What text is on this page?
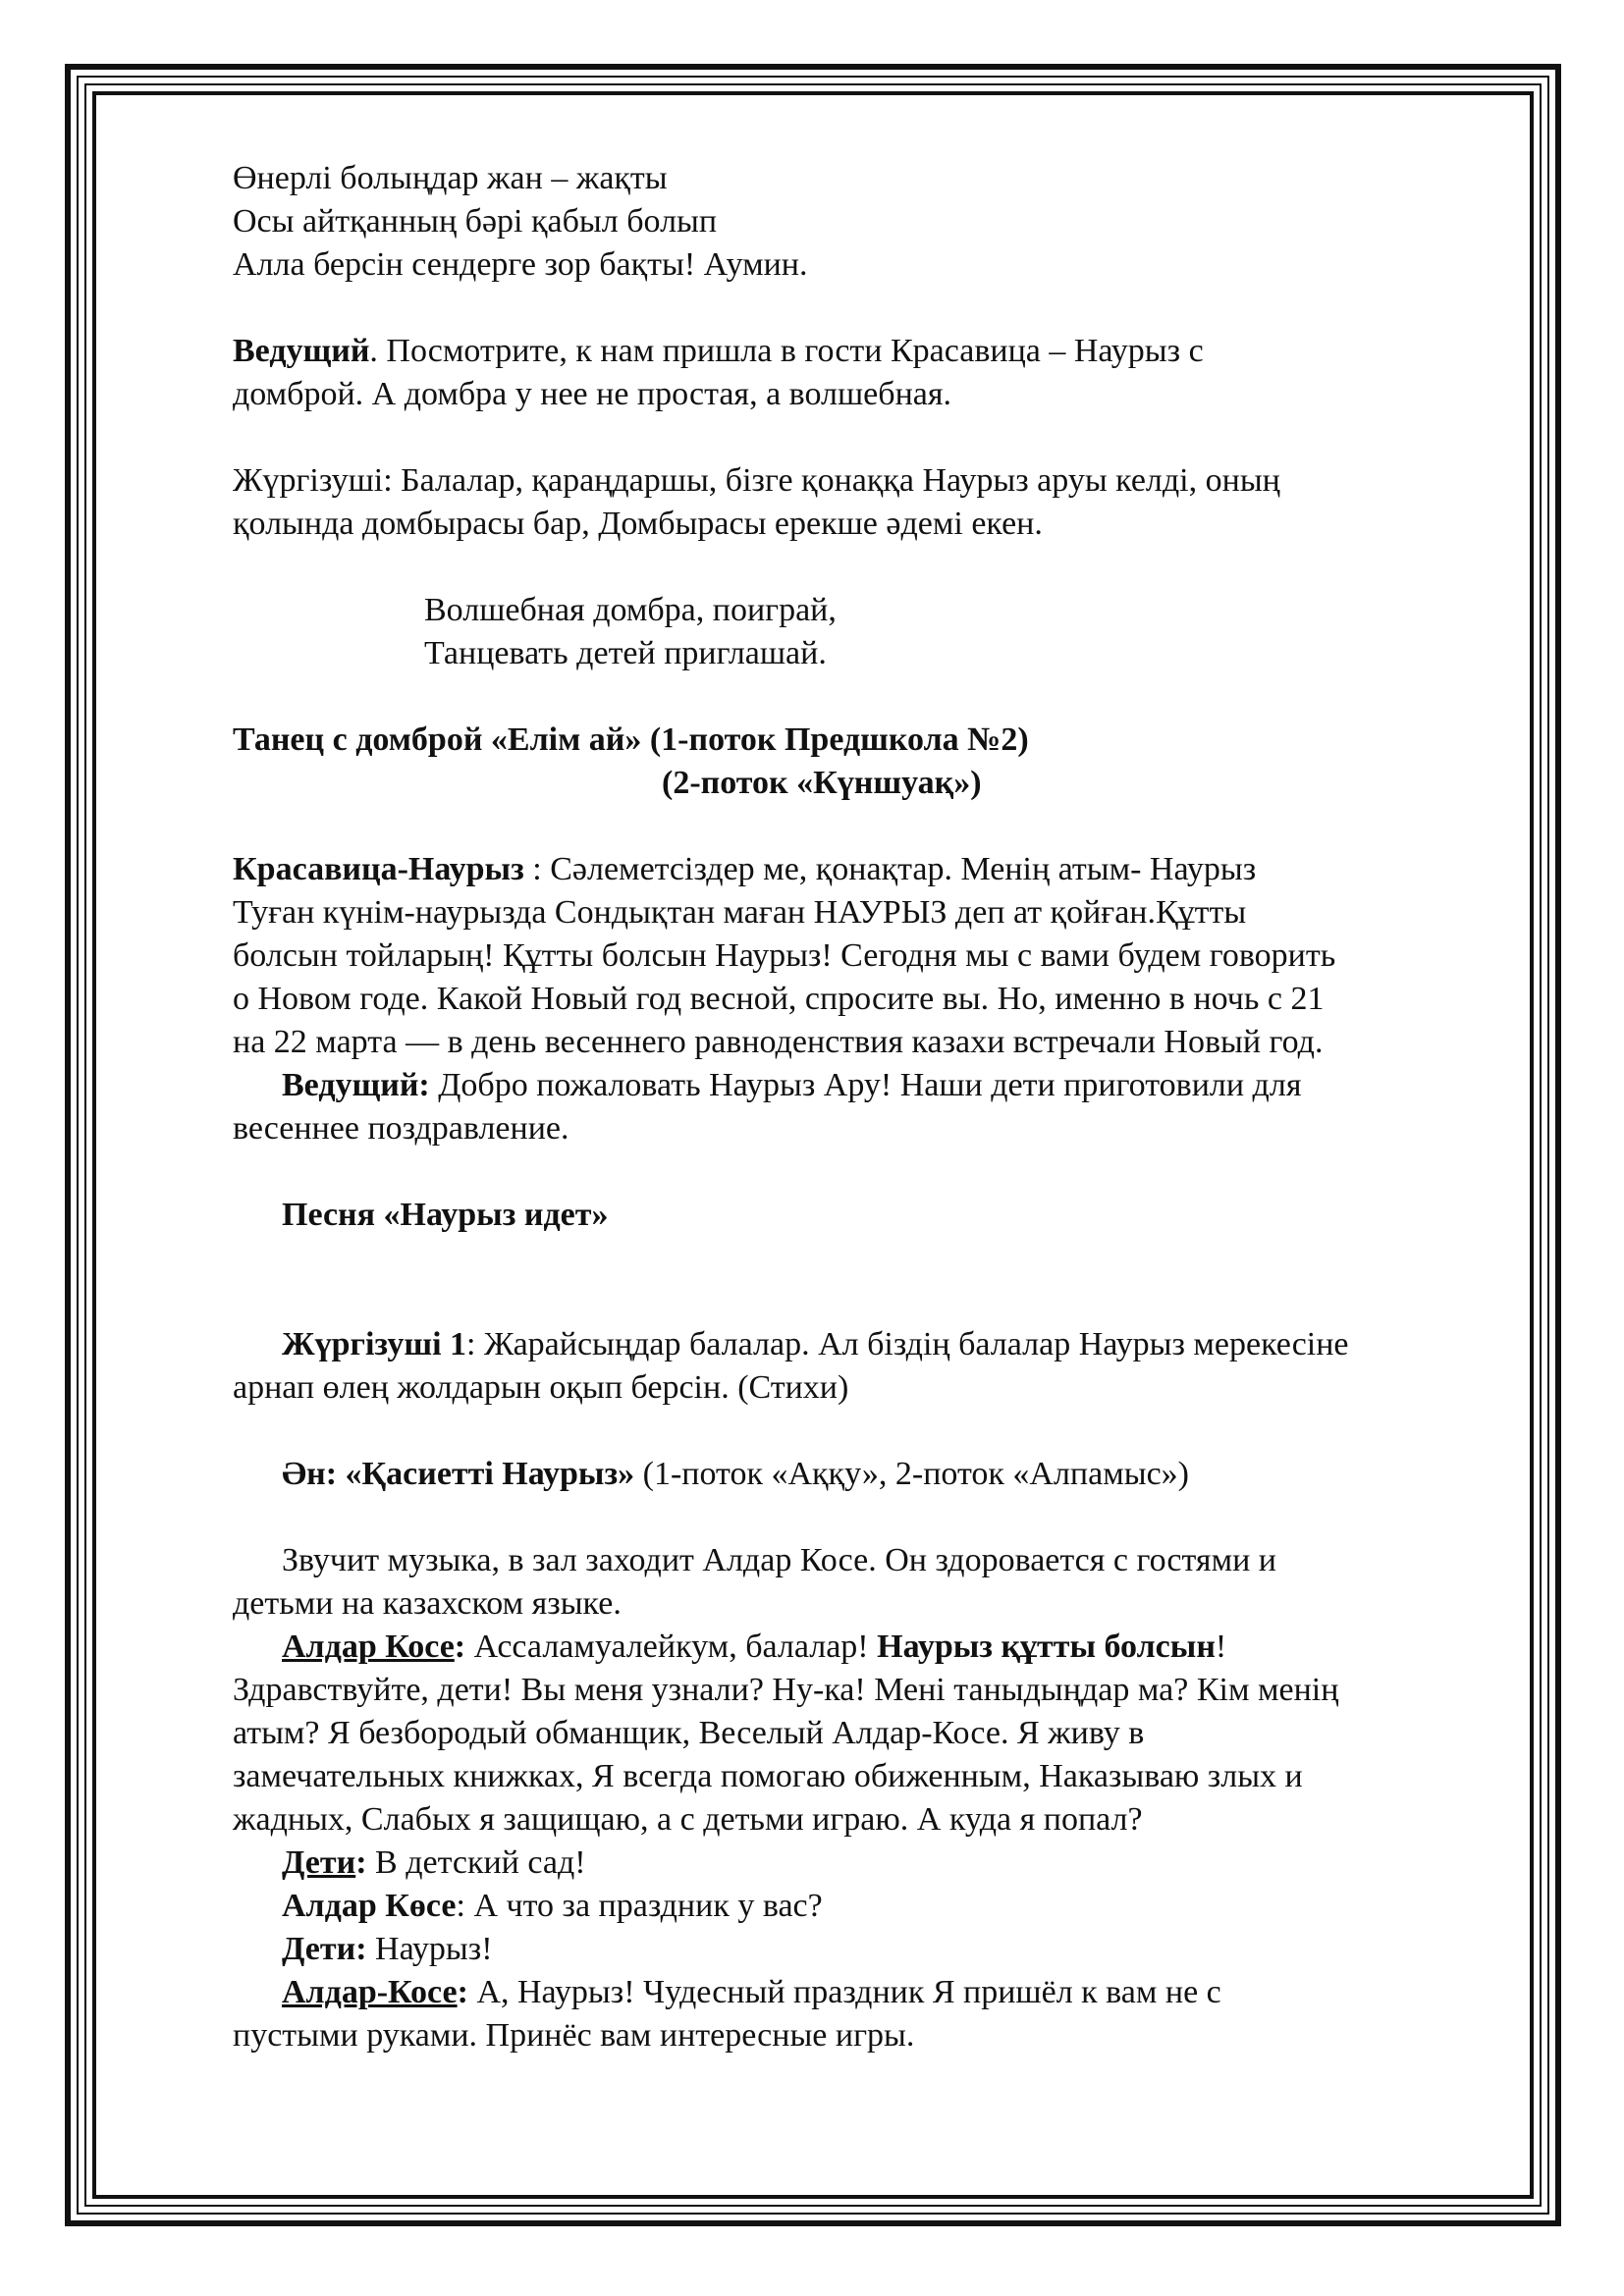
Өнерлі болыңдар жан – жақты

Осы айтқанның бәрі қабыл болып

Алла берсін сендерге зор бақты! Аумин.

Ведущий. Посмотрите, к нам пришла в гости Красавица – Наурыз с

домброй. А домбра у нее не простая, а волшебная.

Жүргізуші: Балалар, қараңдаршы, бізге қонаққа Наурыз аруы келді, оның

қолында домбырасы бар, Домбырасы ерекше әдемі екен.

Волшебная домбра, поиграй,

Танцевать детей приглашай.

Танец с домброй «Елім ай» (1-поток Предшкола №2)

(2-поток «Күншуақ»)

Красавица-Наурыз : Сәлеметсіздер ме, қонақтар. Менің атым- Наурыз

Туған күнім-наурызда Сондықтан маған НАУРЫЗ деп ат қойған.Құтты

болсын тойларың! Құтты болсын Наурыз! Сегодня мы с вами будем говорить

о Новом годе. Какой Новый год весной, спросите вы. Но, именно в ночь с 21

на 22 марта — в день весеннего равноденствия казахи встречали Новый год.

Ведущий: Добро пожаловать Наурыз Ару! Наши дети приготовили для

весеннее поздравление.

Песня «Наурыз идет»

Жүргізуші 1: Жарайсыңдар балалар. Ал біздің балалар Наурыз мерекесіне

арнап өлең жолдарын оқып берсін. (Стихи)

Ән: «Қасиетті Наурыз» (1-поток «Аққу», 2-поток «Алпамыс»)

Звучит музыка, в зал заходит Алдар Косе. Он здоровается с гостями и

детьми на казахском языке.

Алдар Косе: Ассаламуалейкум, балалар! Наурыз құтты болсын!

Здравствуйте, дети! Вы меня узнали? Ну-ка! Мені таныдыңдар ма? Кім менің

атым? Я безбородый обманщик, Веселый Алдар-Косе. Я живу в

замечательных книжках, Я всегда помогаю обиженным, Наказываю злых и

жадных, Слабых я защищаю, а с детьми играю. А куда я попал?

Дети: В детский сад!

Алдар Көсе: А что за праздник у вас?

Дети: Наурыз!

Алдар-Косе: А, Наурыз! Чудесный праздник Я пришёл к вам не с

пустыми руками. Принёс вам интересные игры.
